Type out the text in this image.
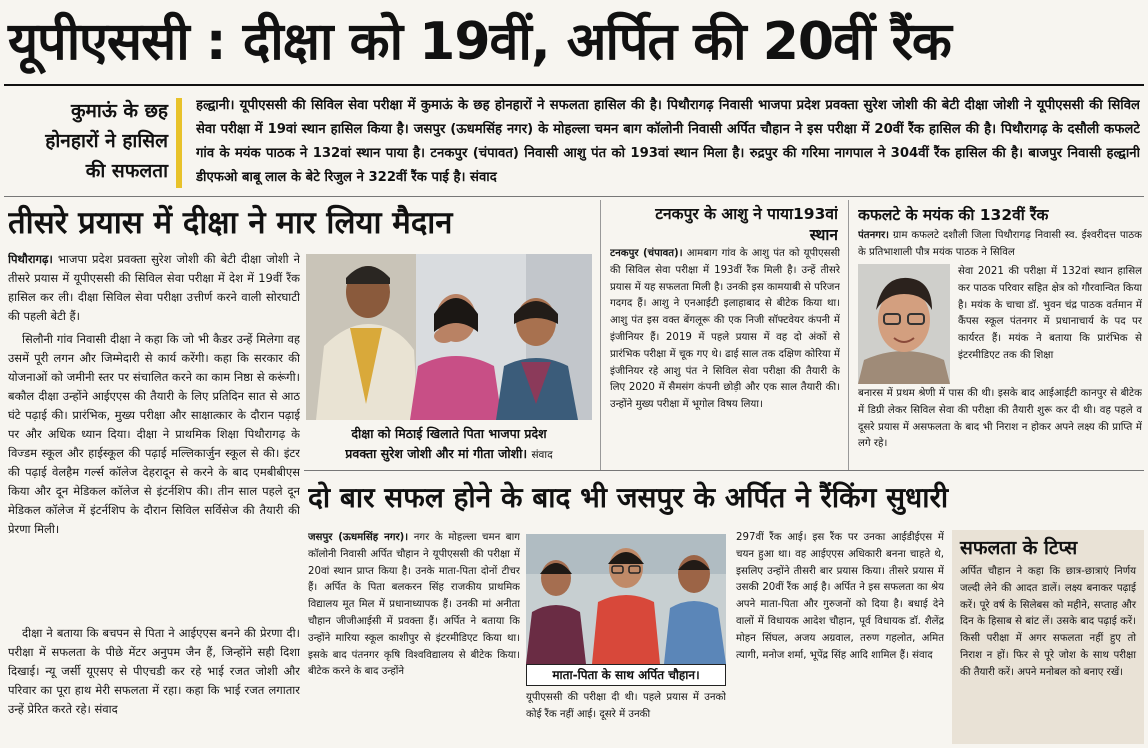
यूपीएससी : दीक्षा को 19वीं, अर्पित की 20वीं रैंक
कुमाऊं के छह
होनहारों ने हासिल
की सफलता
हल्द्वानी। यूपीएससी की सिविल सेवा परीक्षा में कुमाऊं के छह होनहारों ने सफलता हासिल की है। पिथौरागढ़ निवासी भाजपा प्रदेश प्रवक्ता सुरेश जोशी की बेटी दीक्षा जोशी ने यूपीएससी की सिविल सेवा परीक्षा में 19वां स्थान हासिल किया है। जसपुर (ऊधमसिंह नगर) के मोहल्ला चमन बाग कॉलोनी निवासी अर्पित चौहान ने इस परीक्षा में 20वीं रैंक हासिल की है। पिथौरागढ़ के दसौली कफलटे गांव के मयंक पाठक ने 132वां स्थान पाया है। टनकपुर (चंपावत) निवासी आशु पंत को 193वां स्थान मिला है। रुद्रपुर की गरिमा नागपाल ने 304वीं रैंक हासिल की है। बाजपुर निवासी हल्द्वानी डीएफओ बाबू लाल के बेटे रिजुल ने 322वीं रैंक पाई है। संवाद
तीसरे प्रयास में दीक्षा ने मार लिया मैदान
पिथौरागढ़। भाजपा प्रदेश प्रवक्ता सुरेश जोशी की बेटी दीक्षा जोशी ने तीसरे प्रयास में यूपीएससी की सिविल सेवा परीक्षा में देश में 19वीं रैंक हासिल कर ली। दीक्षा सिविल सेवा परीक्षा उत्तीर्ण करने वाली सोरघाटी की पहली बेटी हैं।
सिलौनी गांव निवासी दीक्षा ने कहा कि जो भी कैडर उन्हें मिलेगा वह उसमें पूरी लगन और जिम्मेदारी से कार्य करेंगी। कहा कि सरकार की योजनाओं को जमीनी स्तर पर संचालित करने का काम निष्ठा से करूंगी। बकौल दीक्षा उन्होंने आईएएस की तैयारी के लिए प्रतिदिन सात से आठ घंटे पढ़ाई की। प्रारंभिक, मुख्य परीक्षा और साक्षात्कार के दौरान पढ़ाई पर और अधिक ध्यान दिया। दीक्षा ने प्राथमिक शिक्षा पिथौरागढ़ के विज्डम स्कूल और हाईस्कूल की पढ़ाई मल्लिकार्जुन स्कूल से की। इंटर की पढ़ाई वेलहैम गर्ल्स कॉलेज देहरादून से करने के बाद एमबीबीएस किया और दून मेडिकल कॉलेज से इंटर्नशिप की। तीन साल पहले दून मेडिकल कॉलेज में इंटर्नशिप के दौरान सिविल सर्विसेज की तैयारी की प्रेरणा मिली।
दीक्षा ने बताया कि बचपन से पिता ने आईएएस बनने की प्रेरणा दी। परीक्षा में सफलता के पीछे मेंटर अनुपम जैन हैं, जिन्होंने सही दिशा दिखाई। न्यू जर्सी यूएसए से पीएचडी कर रहे भाई रजत जोशी और परिवार का पूरा हाथ मेरी सफलता में रहा। कहा कि भाई रजत लगातार उन्हें प्रेरित करते रहे। संवाद
दीक्षा को मिठाई खिलाते पिता भाजपा प्रदेश
प्रवक्ता सुरेश जोशी और मां गीता जोशी। संवाद
टनकपुर के आशु ने पाया193वां
स्थान
टनकपुर (चंपावत)। आमबाग गांव के आशु पंत को यूपीएससी की सिविल सेवा परीक्षा में 193वीं रैंक मिली है। उन्हें तीसरे प्रयास में यह सफलता मिली है। उनकी इस कामयाबी से परिजन गदगद हैं। आशु ने एनआईटी इलाहाबाद से बीटेक किया था। आशु पंत इस वक्त बेंगलूरू की एक निजी सॉफ्टवेयर कंपनी में इंजीनियर हैं। 2019 में पहले प्रयास में वह दो अंकों से प्रारंभिक परीक्षा में चूक गए थे। ढाई साल तक दक्षिण कोरिया में इंजीनियर रहे आशु पंत ने सिविल सेवा परीक्षा की तैयारी के लिए 2020 में सैमसंग कंपनी छोड़ी और एक साल तैयारी की। उन्होंने मुख्य परीक्षा में भूगोल विषय लिया।
कफलटे के मयंक की 132वीं रैंक
पंतनगर। ग्राम कफलटे दशौली जिला पिथौरागढ़ निवासी स्व. ईश्वरीदत्त पाठक के प्रतिभाशाली पौत्र मयंक पाठक ने सिविल
सेवा 2021 की परीक्षा में 132वां स्थान हासिल कर पाठक परिवार सहित क्षेत्र को गौरवान्वित किया है। मयंक के चाचा डॉ. भुवन चंद्र पाठक वर्तमान में कैंपस स्कूल पंतनगर में प्रधानाचार्य के पद पर कार्यरत हैं। मयंक ने बताया कि प्रारंभिक से इंटरमीडिएट तक की शिक्षा
बनारस में प्रथम श्रेणी में पास की थी। इसके बाद आईआईटी कानपुर से बीटेक में डिग्री लेकर सिविल सेवा की परीक्षा की तैयारी शुरू कर दी थी। वह पहले व दूसरे प्रयास में असफलता के बाद भी निराश न होकर अपने लक्ष्य की प्राप्ति में लगे रहे।
दो बार सफल होने के बाद भी जसपुर के अर्पित ने रैंकिंग सुधारी
जसपुर (ऊधमसिंह नगर)। नगर के मोहल्ला चमन बाग कॉलोनी निवासी अर्पित चौहान ने यूपीएससी की परीक्षा में 20वां स्थान प्राप्त किया है। उनके माता-पिता दोनों टीचर हैं। अर्पित के पिता बलकरन सिंह राजकीय प्राथमिक विद्यालय मूत मिल में प्रधानाध्यापक हैं। उनकी मां अनीता चौहान जीजीआईसी में प्रवक्ता हैं। अर्पित ने बताया कि उन्होंने मारिया स्कूल काशीपुर से इंटरमीडिएट किया था। इसके बाद पंतनगर कृषि विश्वविद्यालय से बीटेक किया। बीटेक करने के बाद उन्होंने	माता-पिता के साथ अर्पित चौहान।
यूपीएससी की परीक्षा दी थी। पहले प्रयास में उनको कोई रैंक नहीं आई। दूसरे में उनकी
297वीं रैंक आई। इस रैंक पर उनका आईडीईएस में चयन हुआ था। वह आईएएस अधिकारी बनना चाहते थे, इसलिए उन्होंने तीसरी बार प्रयास किया। तीसरे प्रयास में उसकी 20वीं रैंक आई है। अर्पित ने इस सफलता का श्रेय अपने माता-पिता और गुरुजनों को दिया है। बधाई देने वालों में विधायक आदेश चौहान, पूर्व विधायक डॉ. शैलेंद्र मोहन सिंघल, अजय अग्रवाल, तरुण गहलोत, अमित त्यागी, मनोज शर्मा, भूपेंद्र सिंह आदि शामिल हैं। संवाद
सफलता के टिप्स
अर्पित चौहान ने कहा कि छात्र-छात्राएं निर्णय जल्दी लेने की आदत डालें। लक्ष्य बनाकर पढ़ाई करें। पूरे वर्ष के सिलेबस को महीने, सप्ताह और दिन के हिसाब से बांट लें। उसके बाद पढ़ाई करें। किसी परीक्षा में अगर सफलता नहीं हुए तो निराश न हों। फिर से पूरे जोश के साथ परीक्षा की तैयारी करें। अपने मनोबल को बनाए रखें।
